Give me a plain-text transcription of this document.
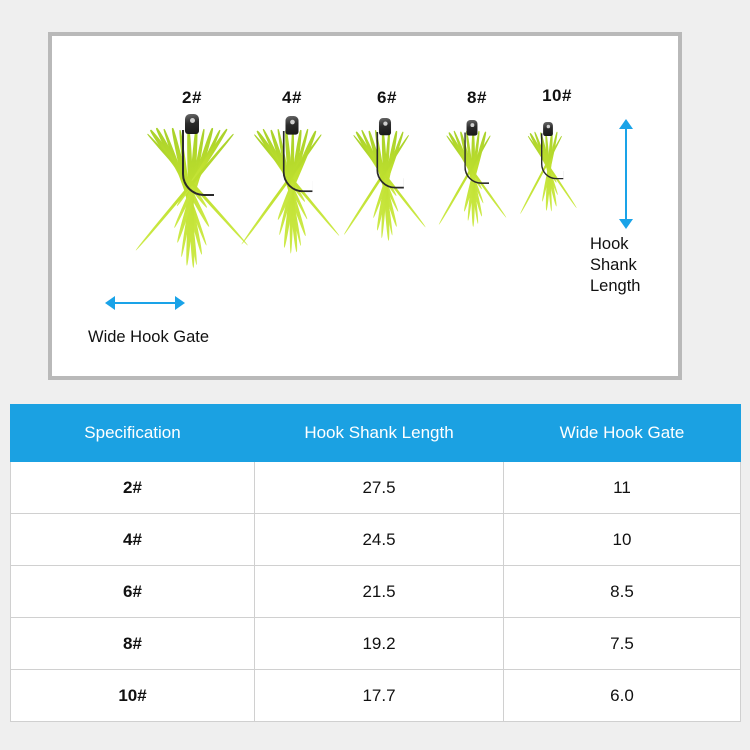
2#	4#	6#	8#	10#
Hook
Shank
Length
Wide Hook Gate
Specification	Hook Shank Length	Wide Hook Gate
2#	27.5	11
4#	24.5	10
6#	21.5	8.5
8#	19.2	7.5
10#	17.7	6.0
